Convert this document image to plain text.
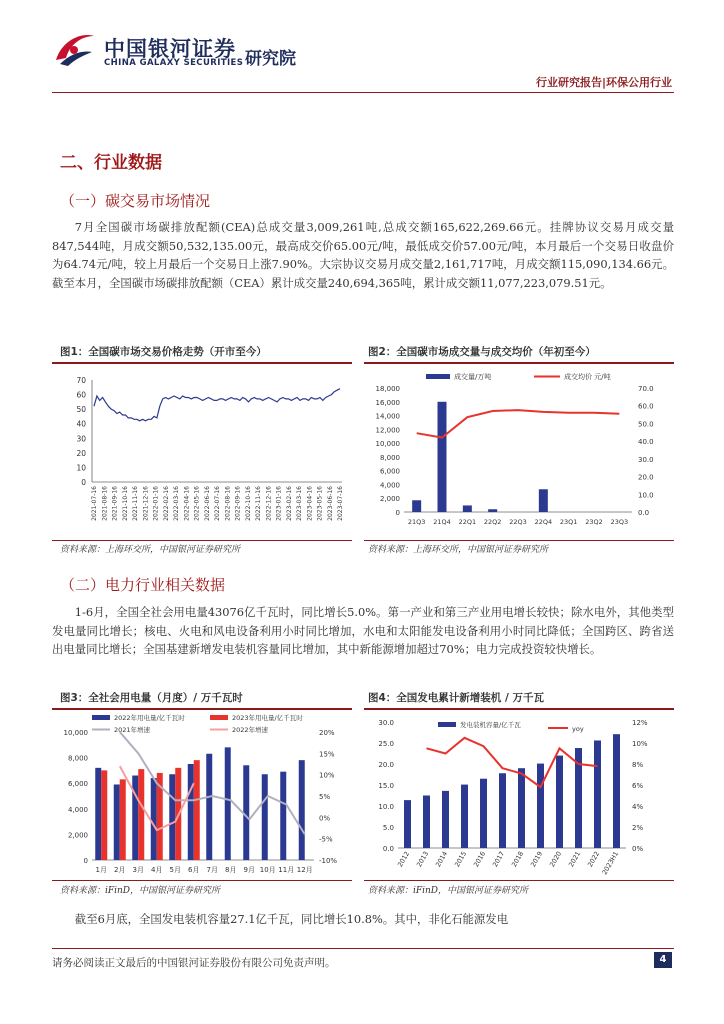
中国银河证券
CHINA GALAXY SECURITIES 研究院
行业研究报告|环保公用行业
二、行业数据
（一）碳交易市场情况

7月全国碳市场碳排放配额(CEA)总成交量3,009,261吨,总成交额165,622,269.66元。挂牌协议交易月成交量847,544吨，月成交额50,532,135.00元，最高成交价65.00元/吨，最低成交价57.00元/吨，本月最后一个交易日收盘价为64.74元/吨，较上月最后一个交易日上涨7.90%。大宗协议交易月成交量2,161,717吨，月成交额115,090,134.66元。截至本月，全国碳市场碳排放配额（CEA）累计成交量240,694,365吨，累计成交额11,077,223,079.51元。

图1：全国碳市场交易价格走势（开市至今）
0
10
20
30
40
50
60
70
2021-07-16 2021-08-16 2021-09-16 2021-10-16 2021-11-16 2021-12-16 2022-01-16 2022-02-16 2022-03-16 2022-04-16 2022-05-16 2022-06-16 2022-07-16 2022-08-16 2022-09-16 2022-10-16 2022-11-16 2022-12-16 2023-01-16 2023-02-16 2023-03-16 2023-04-16 2023-05-16 2023-06-16 2023-07-16
资料来源：上海环交所，中国银河证券研究所
图2：全国碳市场成交量与成交均价（年初至今）
0
2,000
4,000
6,000
8,000
10,000
12,000
14,000
16,000
18,000
0.0
10.0
20.0
30.0
40.0
50.0
60.0
70.0
21Q3 21Q4 22Q1 22Q2 22Q3 22Q4 23Q1 23Q2 23Q3
成交量/万吨	成交均价 元/吨
资料来源：上海环交所，中国银河证券研究所
（二）电力行业相关数据

1-6月，全国全社会用电量43076亿千瓦时，同比增长5.0%。第一产业和第三产业用电增长较快；除水电外，其他类型发电量同比增长；核电、火电和风电设备利用小时同比增加，水电和太阳能发电设备利用小时同比降低；全国跨区、跨省送出电量同比增长；全国基建新增发电装机容量同比增加，其中新能源增加超过70%；电力完成投资较快增长。

图3：全社会用电量（月度）/ 万千瓦时
0
2,000
4,000
6,000
8,000
10,000
-10%
-5%
0%
5%
10%
15%
20%
1月 2月 3月 4月 5月 6月 7月 8月 9月 10月 11月 12月
2022年用电量/亿千瓦时	2023年用电量/亿千瓦时
2021年增速	2022年增速
资料来源：iFinD，中国银河证券研究所
图4：全国发电累计新增装机 / 万千瓦
0.0
5.0
10.0
15.0
20.0
25.0
30.0
0%
2%
4%
6%
8%
10%
12%
2012 2013 2014 2015 2016 2017 2018 2019 2020 2021 2022 2023H1
发电装机容量/亿千瓦	yoy
资料来源：iFinD，中国银河证券研究所

截至6月底，全国发电装机容量27.1亿千瓦，同比增长10.8%。其中，非化石能源发电

请务必阅读正文最后的中国银河证券股份有限公司免责声明。	4
